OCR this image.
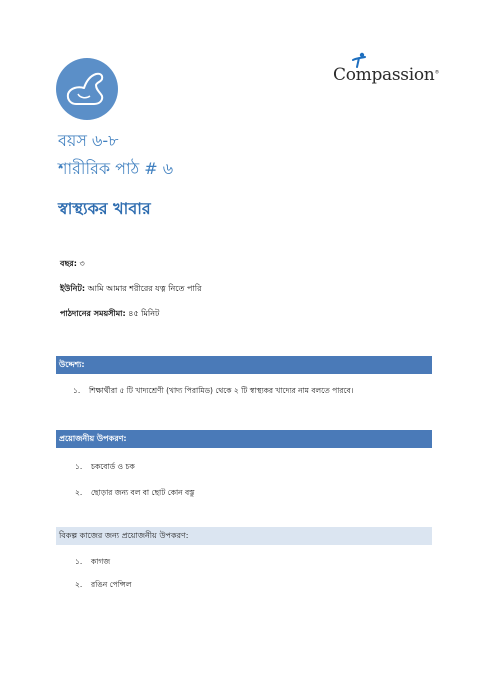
Compassion®
বয়স ৬-৮
শারীরিক পাঠ # ৬
স্বাস্থ্যকর খাবার
বছর: ৩
ইউনিট: আমি আমার শরীরের যত্ন নিতে পারি
পাঠদানের সময়সীমা: ৪৫ মিনিট
উদ্দেশ্য:
১. শিক্ষার্থীরা ৫ টি খাদ্যশ্রেণী (খাদ্য পিরামিড) থেকে ২ টি স্বাস্থ্যকর খাদ্যের নাম বলতে পারবে।
প্রয়োজনীয় উপকরণ:
১. চকবোর্ড ও চক
২. ছোড়ার জন্য বল বা ছোট কোন বস্তু
বিকল্প কাজের জন্য প্রয়োজনীয় উপকরণ:
১. কাগজ
২. রঙিন পেন্সিল
